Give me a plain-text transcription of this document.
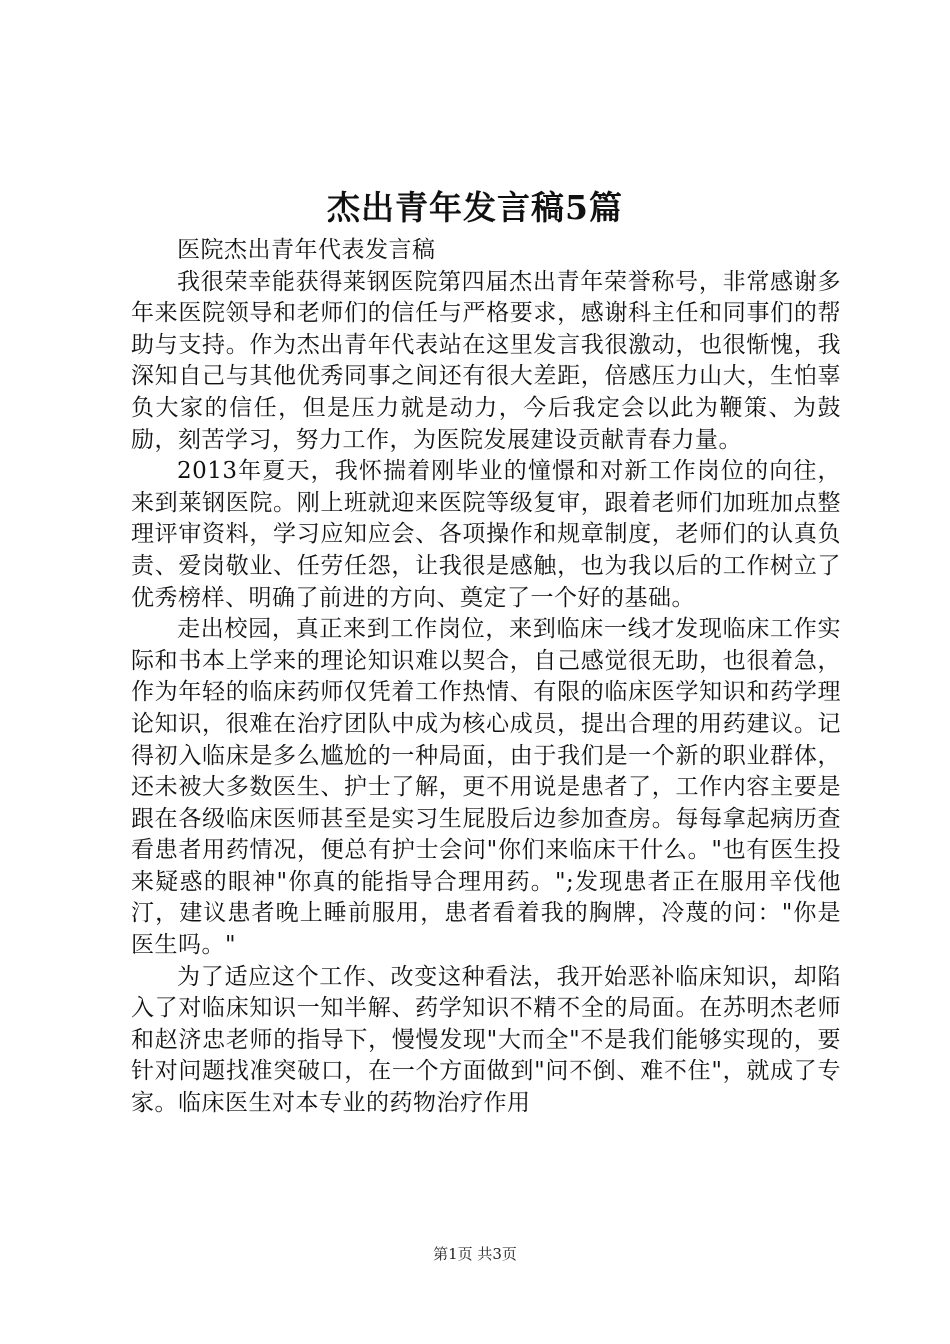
杰出青年发言稿5篇

医院杰出青年代表发言稿

我很荣幸能获得莱钢医院第四届杰出青年荣誉称号，非常感谢多年来医院领导和老师们的信任与严格要求，感谢科主任和同事们的帮助与支持。作为杰出青年代表站在这里发言我很激动，也很惭愧，我深知自己与其他优秀同事之间还有很大差距，倍感压力山大，生怕辜负大家的信任，但是压力就是动力，今后我定会以此为鞭策、为鼓励，刻苦学习，努力工作，为医院发展建设贡献青春力量。

2013年夏天，我怀揣着刚毕业的憧憬和对新工作岗位的向往，来到莱钢医院。刚上班就迎来医院等级复审，跟着老师们加班加点整理评审资料，学习应知应会、各项操作和规章制度，老师们的认真负责、爱岗敬业、任劳任怨，让我很是感触，也为我以后的工作树立了优秀榜样、明确了前进的方向、奠定了一个好的基础。

走出校园，真正来到工作岗位，来到临床一线才发现临床工作实际和书本上学来的理论知识难以契合，自己感觉很无助，也很着急，作为年轻的临床药师仅凭着工作热情、有限的临床医学知识和药学理论知识，很难在治疗团队中成为核心成员，提出合理的用药建议。记得初入临床是多么尴尬的一种局面，由于我们是一个新的职业群体，还未被大多数医生、护士了解，更不用说是患者了，工作内容主要是跟在各级临床医师甚至是实习生屁股后边参加查房。每每拿起病历查看患者用药情况，便总有护士会问"你们来临床干什么。"也有医生投来疑惑的眼神"你真的能指导合理用药。";发现患者正在服用辛伐他汀，建议患者晚上睡前服用，患者看着我的胸牌，冷蔑的问："你是医生吗。"

为了适应这个工作、改变这种看法，我开始恶补临床知识，却陷入了对临床知识一知半解、药学知识不精不全的局面。在苏明杰老师和赵济忠老师的指导下，慢慢发现"大而全"不是我们能够实现的，要针对问题找准突破口，在一个方面做到"问不倒、难不住"，就成了专家。临床医生对本专业的药物治疗作用

第1页 共3页
